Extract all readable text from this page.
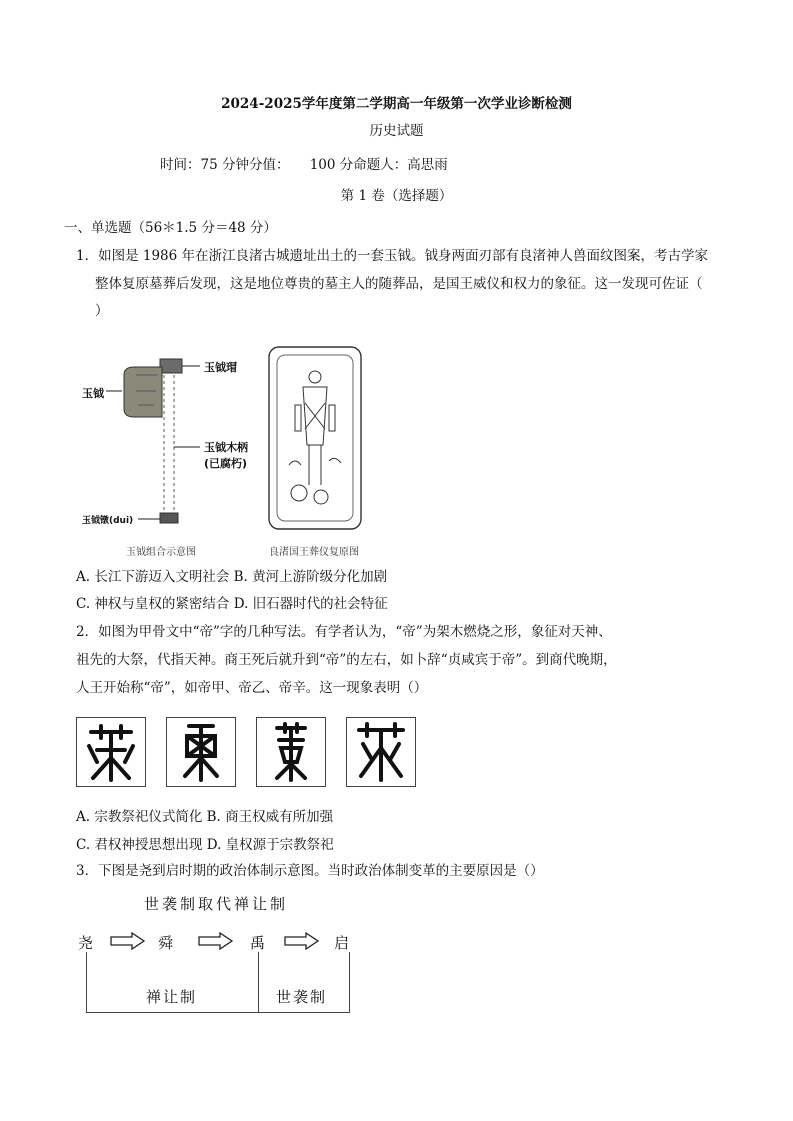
2024-2025学年度第二学期高一年级第一次学业诊断检测
历史试题
时间：75 分钟分值：　　100 分命题人：高思雨
第 1 卷（选择题）
一、单选题（56＊1.5 分＝48 分）
1．如图是 1986 年在浙江良渚古城遗址出土的一套玉钺。钺身两面刃部有良渚神人兽面纹图案，考古学家
整体复原墓葬后发现，这是地位尊贵的墓主人的随葬品，是国王威仪和权力的象征。这一发现可佐证（
）
玉钺瑁
玉钺
玉钺木柄
(已腐朽)
玉钺镦(dui)
玉钺组合示意图	良渚国王葬仪复原图
A. 长江下游迈入文明社会 B. 黄河上游阶级分化加剧
C. 神权与皇权的紧密结合 D. 旧石器时代的社会特征
2．如图为甲骨文中“帝”字的几种写法。有学者认为，“帝”为架木燃烧之形，象征对天神、
祖先的大祭，代指天神。商王死后就升到“帝”的左右，如卜辞“贞咸宾于帝”。到商代晚期，
人王开始称“帝”，如帝甲、帝乙、帝辛。这一现象表明（）
A. 宗教祭祀仪式简化 B. 商王权威有所加强
C. 君权神授思想出现 D. 皇权源于宗教祭祀
3．下图是尧到启时期的政治体制示意图。当时政治体制变革的主要原因是（）
世袭制取代禅让制
尧	舜	禹	启
禅让制	世袭制
